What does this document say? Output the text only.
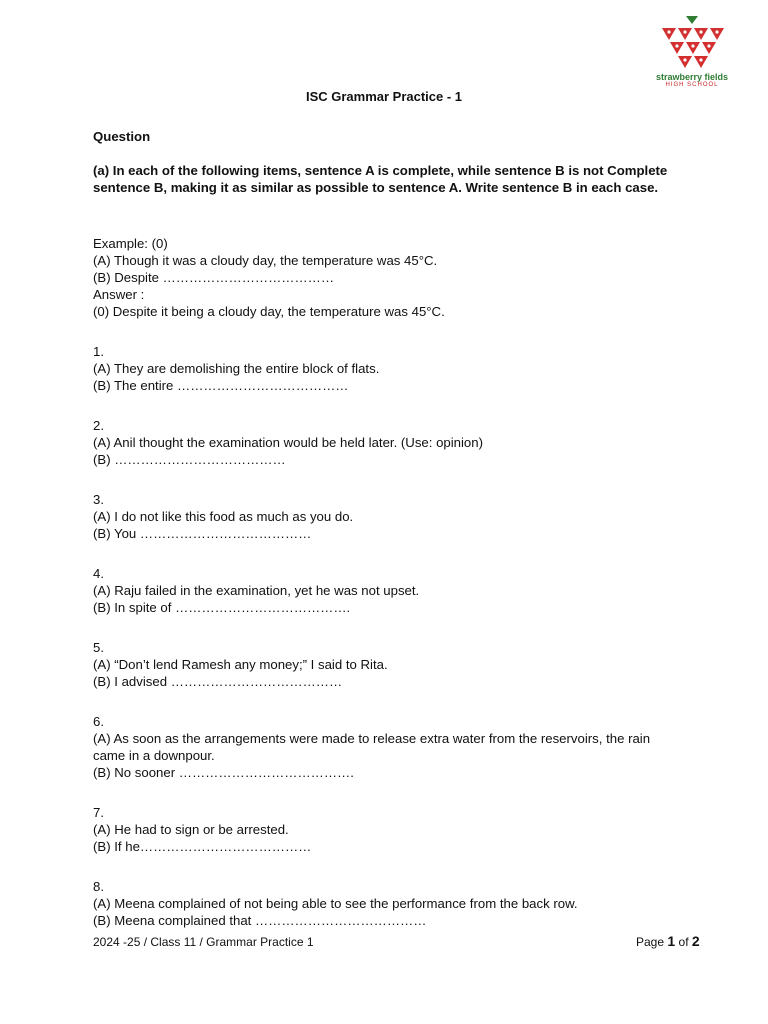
strawberry fields
HIGH SCHOOL
ISC Grammar Practice - 1
Question
(a) In each of the following items, sentence A is complete, while sentence B is not Complete sentence B, making it as similar as possible to sentence A. Write sentence B in each case.
Example: (0)
(A) Though it was a cloudy day, the temperature was 45°C.
(B) Despite …………………………………
Answer :
(0) Despite it being a cloudy day, the temperature was 45°C.
1.
(A) They are demolishing the entire block of flats.
(B) The entire …………………………………
2.
(A) Anil thought the examination would be held later. (Use: opinion)
(B) …………………………………
3.
(A) I do not like this food as much as you do.
(B) You …………………………………
4.
(A) Raju failed in the examination, yet he was not upset.
(B) In spite of ………………………………….
5.
(A) “Don’t lend Ramesh any money;” I said to Rita.
(B) I advised …………………………………
6.
(A) As soon as the arrangements were made to release extra water from the reservoirs, the rain came in a downpour.
(B) No sooner ………………………………….
7.
(A) He had to sign or be arrested.
(B) If he…………………………………
8.
(A) Meena complained of not being able to see the performance from the back row.
(B) Meena complained that …………………………………
2024 -25 / Class 11 / Grammar Practice 1	Page 1 of 2
